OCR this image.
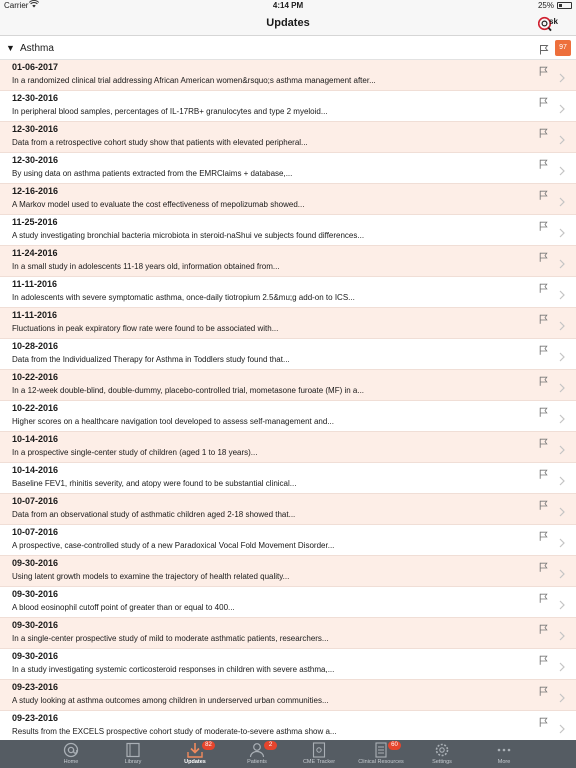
Carrier	4:14 PM	25%
Updates	sk
▼ Asthma	97
01-06-2017
In a randomized clinical trial addressing African American women&rsquo;s asthma management after...
12-30-2016
In peripheral blood samples, percentages of IL-17RB+ granulocytes and type 2 myeloid...
12-30-2016
Data from a retrospective cohort study show that patients with elevated peripheral...
12-30-2016
By using data on asthma patients extracted from the EMRClaims + database,...
12-16-2016
A Markov model used to evaluate the cost effectiveness of mepolizumab showed...
11-25-2016
A study investigating bronchial bacteria microbiota in steroid-naShui ve subjects found differences...
11-24-2016
In a small study in adolescents 11-18 years old, information obtained from...
11-11-2016
In adolescents with severe symptomatic asthma, once-daily tiotropium 2.5&mu;g add-on to ICS...
11-11-2016
Fluctuations in peak expiratory flow rate were found to be associated with...
10-28-2016
Data from the Individualized Therapy for Asthma in Toddlers study found that...
10-22-2016
In a 12-week double-blind, double-dummy, placebo-controlled trial, mometasone furoate (MF) in a...
10-22-2016
Higher scores on a healthcare navigation tool developed to assess self-management and...
10-14-2016
In a prospective single-center study of children (aged 1 to 18 years)...
10-14-2016
Baseline FEV1, rhinitis severity, and atopy were found to be substantial clinical...
10-07-2016
Data from an observational study of asthmatic children aged 2-18 showed that...
10-07-2016
A prospective, case-controlled study of a new Paradoxical Vocal Fold Movement Disorder...
09-30-2016
Using latent growth models to examine the trajectory of health related quality...
09-30-2016
A blood eosinophil cutoff point of greater than or equal to 400...
09-30-2016
In a single-center prospective study of mild to moderate asthmatic patients, researchers...
09-30-2016
In a study investigating systemic corticosteroid responses in children with severe asthma,...
09-23-2016
A study looking at asthma outcomes among children in underserved urban communities...
09-23-2016
Results from the EXCELS prospective cohort study of moderate-to-severe asthma show a...
Home	Library	Updates
82
Patients
2
CME Tracker	Clinical Resources
60
Settings	More
